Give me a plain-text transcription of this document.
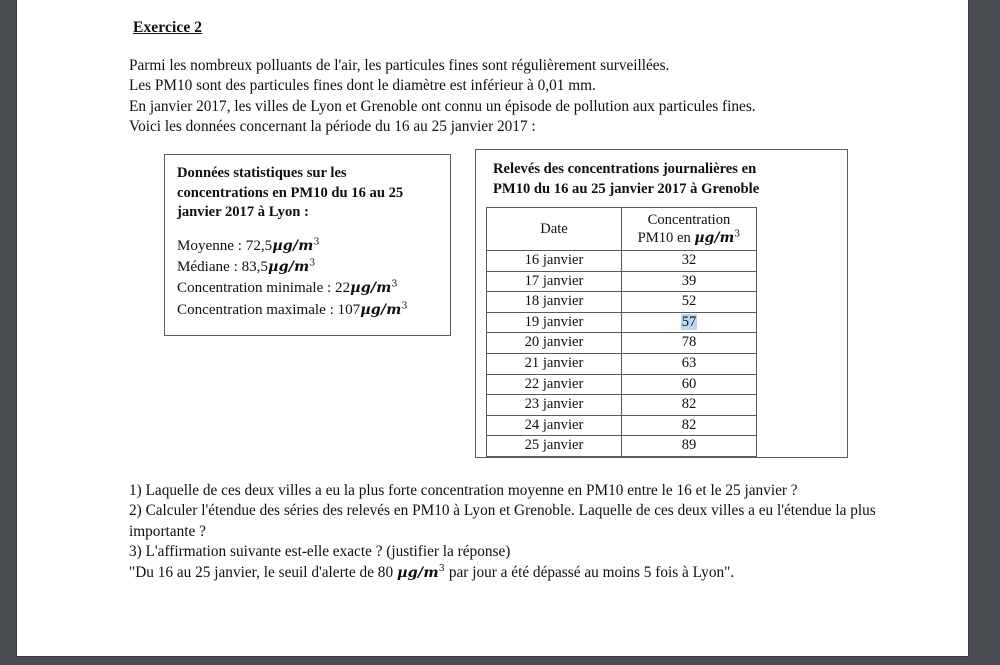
Exercice 2
Parmi les nombreux polluants de l'air, les particules fines sont régulièrement surveillées.
Les PM10 sont des particules fines dont le diamètre est inférieur à 0,01 mm.
En janvier 2017, les villes de Lyon et Grenoble ont connu un épisode de pollution aux particules fines.
Voici les données concernant la période du 16 au 25 janvier 2017 :
Données statistiques sur les
concentrations en PM10 du 16 au 25
janvier 2017 à Lyon :
Moyenne : $72,5\mu g/m^3$
Médiane : $83,5\mu g/m^3$
Concentration minimale : $22\mu g/m^3$
Concentration maximale : $107\mu g/m^3$
Relevés des concentrations journalières en
PM10 du 16 au 25 janvier 2017 à Grenoble
Date	Concentration
PM10 en $\mu g/m^3$
16 janvier	32
17 janvier	39
18 janvier	52
19 janvier	57
20 janvier	78
21 janvier	63
22 janvier	60
23 janvier	82
24 janvier	82
25 janvier	89
1) Laquelle de ces deux villes a eu la plus forte concentration moyenne en PM10 entre le 16 et le 25 janvier ?
2) Calculer l'étendue des séries des relevés en PM10 à Lyon et Grenoble. Laquelle de ces deux villes a eu l'étendue la plus
importante ?
3) L'affirmation suivante est-elle exacte ? (justifier la réponse)
"Du 16 au 25 janvier, le seuil d'alerte de 80 $\mu g/m^3$ par jour a été dépassé au moins 5 fois à Lyon".
